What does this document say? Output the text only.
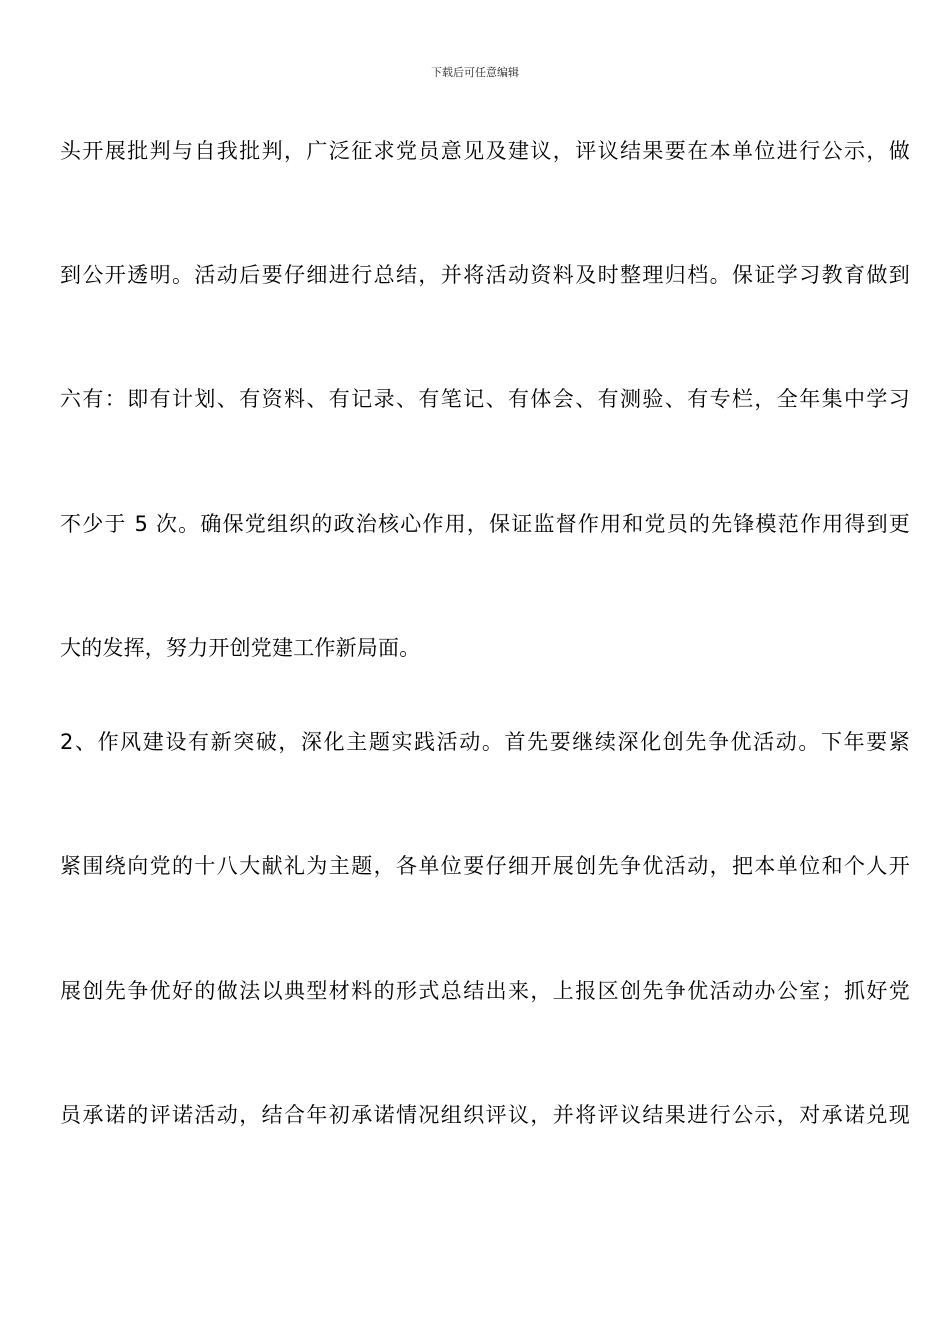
下载后可任意编辑
头开展批判与自我批判，广泛征求党员意见及建议，评议结果要在本单位进行公示，做
到公开透明。活动后要仔细进行总结，并将活动资料及时整理归档。保证学习教育做到
六有：即有计划、有资料、有记录、有笔记、有体会、有测验、有专栏，全年集中学习
不少于 5 次。确保党组织的政治核心作用，保证监督作用和党员的先锋模范作用得到更
大的发挥，努力开创党建工作新局面。
2、作风建设有新突破，深化主题实践活动。首先要继续深化创先争优活动。下年要紧
紧围绕向党的十八大献礼为主题，各单位要仔细开展创先争优活动，把本单位和个人开
展创先争优好的做法以典型材料的形式总结出来，上报区创先争优活动办公室；抓好党
员承诺的评诺活动，结合年初承诺情况组织评议，并将评议结果进行公示，对承诺兑现
